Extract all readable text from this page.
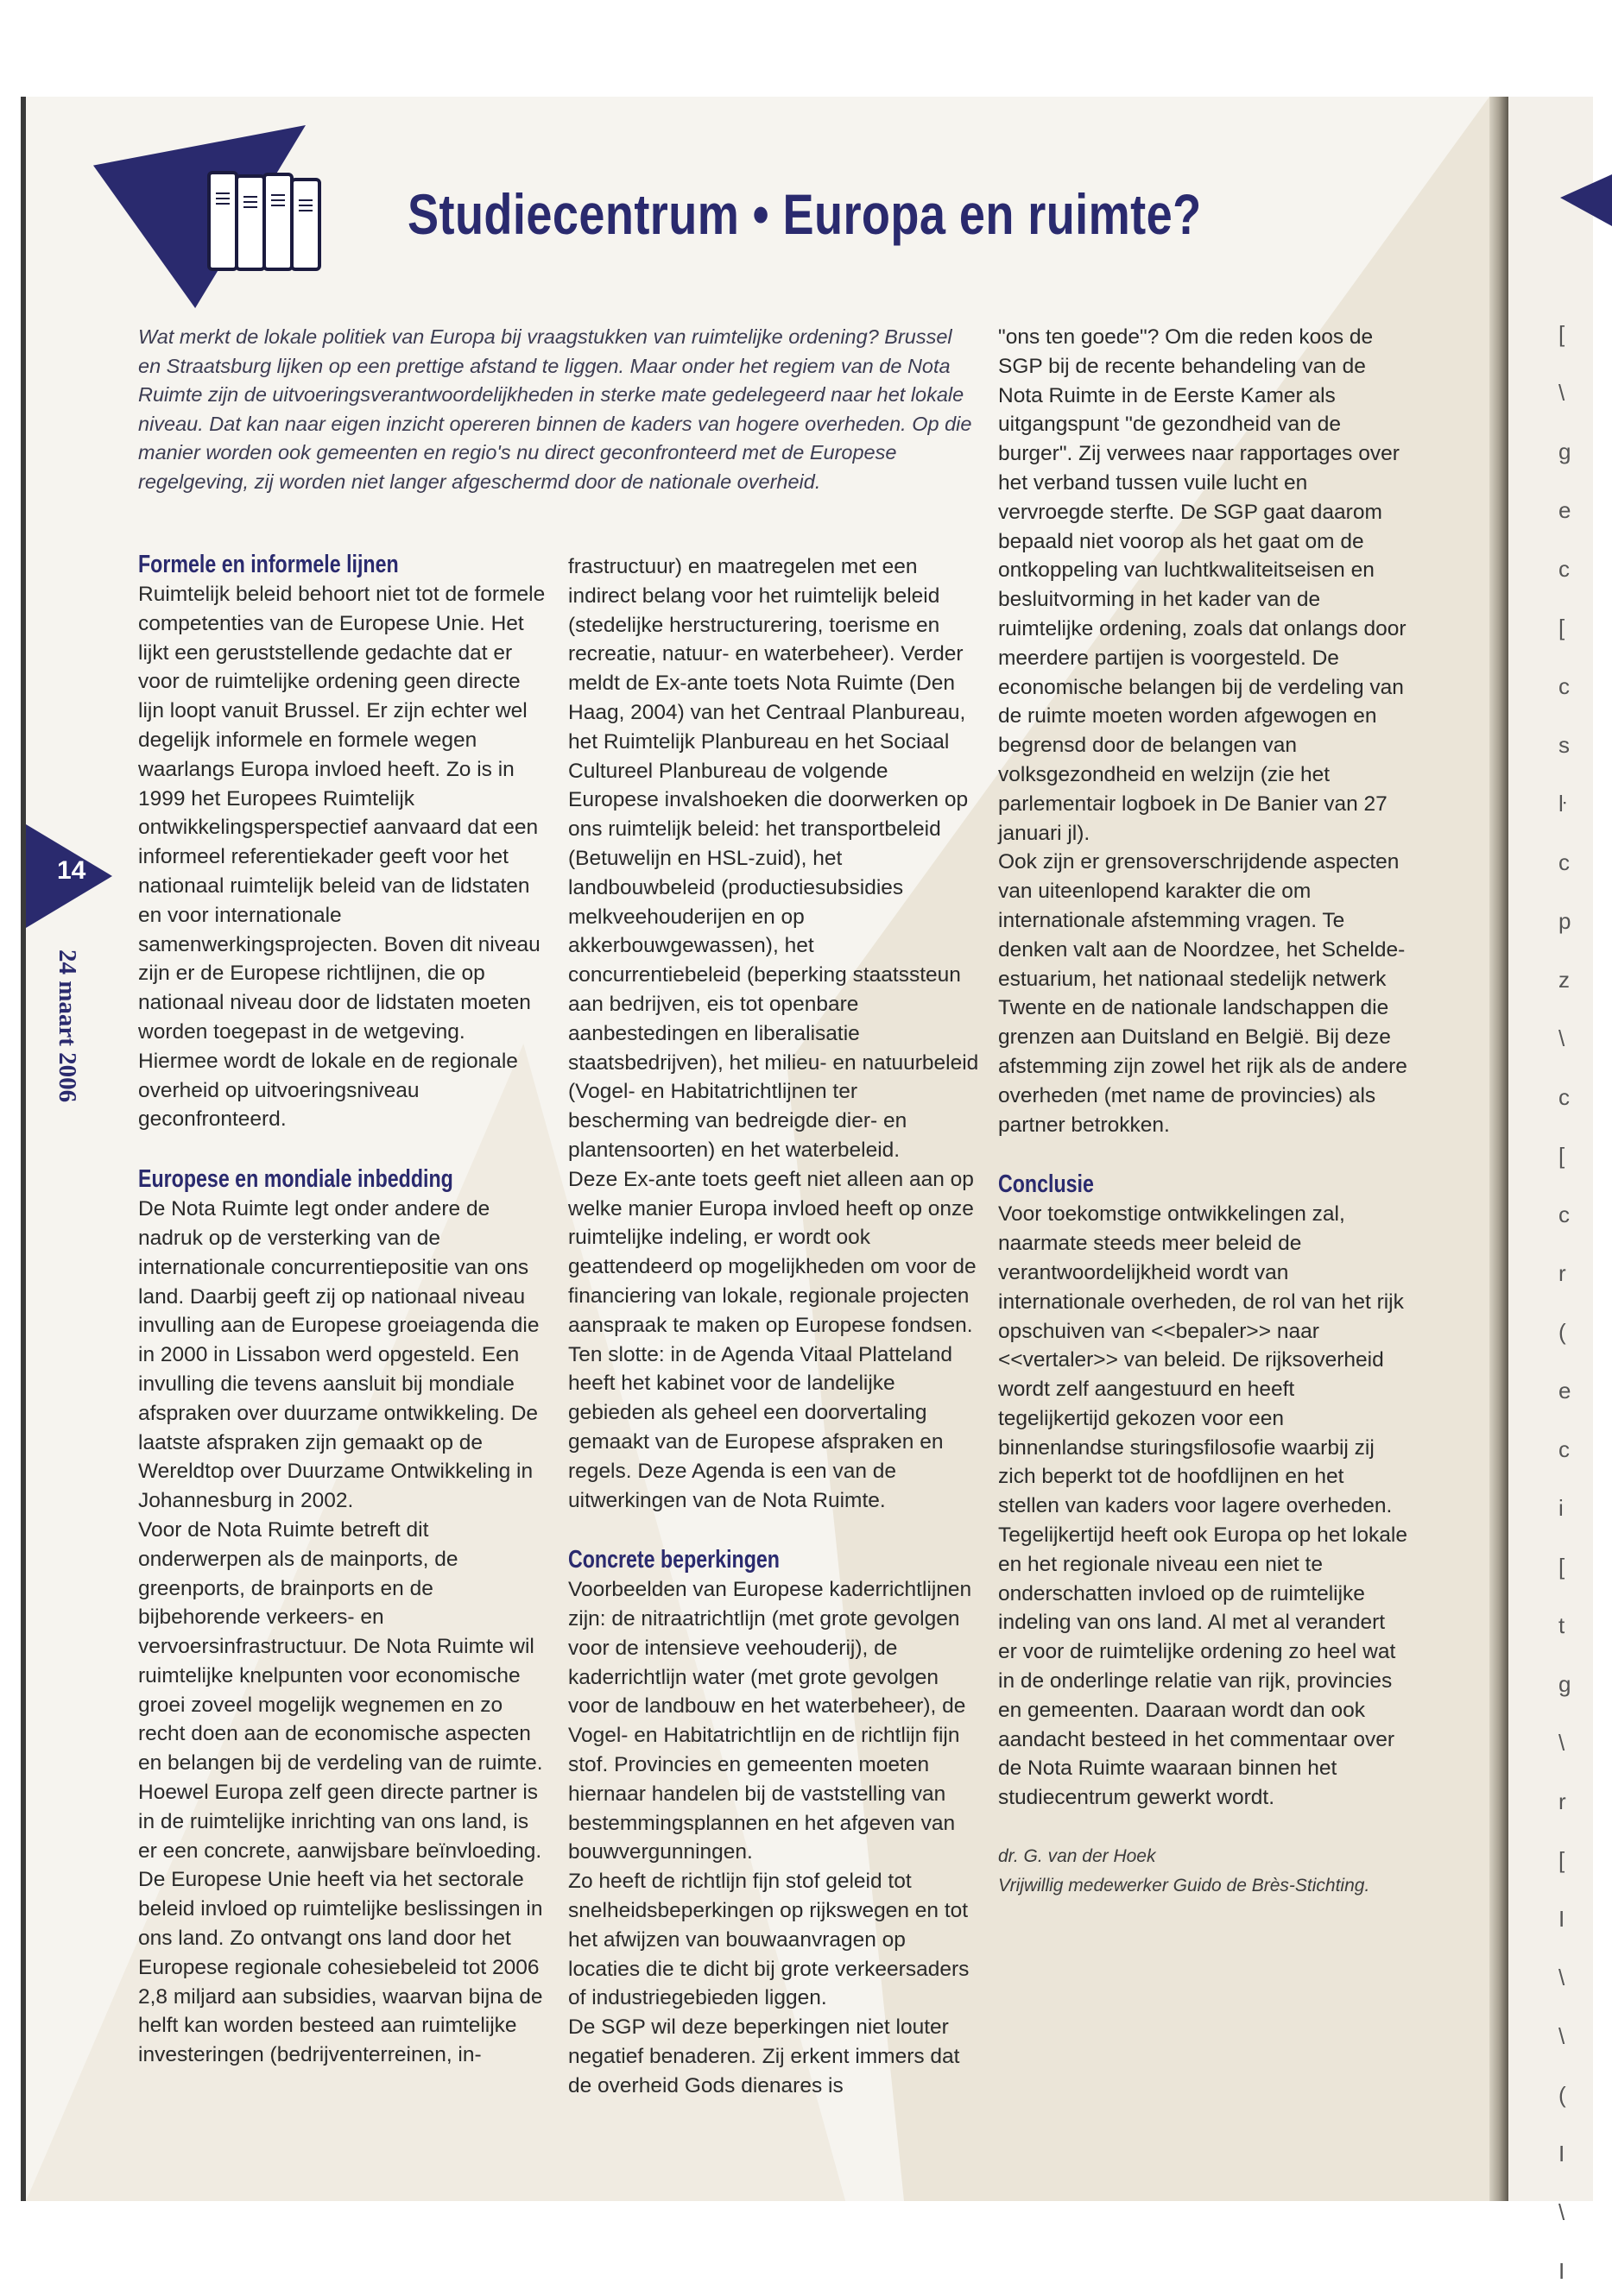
[
\
g
e
c
[
c
s
ŀ
c
p
z
\
c
[
c
r
(
e
c
i
[
t
g
\
r
[
I
\
\
(
I
\
I
Studiecentrum • Europa en ruimte?

Wat merkt de lokale politiek van Europa bij vraagstukken van ruimtelijke ordening? Brussel en Straatsburg lijken op een prettige afstand te liggen. Maar onder het regiem van de Nota Ruimte zijn de uitvoeringsverantwoordelijkheden in sterke mate gedelegeerd naar het lokale niveau. Dat kan naar eigen inzicht opereren binnen de kaders van hogere overheden. Op die manier worden ook gemeenten en regio's nu direct geconfronteerd met de Europese regelgeving, zij worden niet langer afgeschermd door de nationale overheid.

14
24 maart 2006
Formele en informele lijnen

Ruimtelijk beleid behoort niet tot de formele competenties van de Europese Unie. Het lijkt een geruststellende gedachte dat er voor de ruimtelijke ordening geen directe lijn loopt vanuit Brussel. Er zijn echter wel degelijk informele en formele wegen waarlangs Europa invloed heeft. Zo is in 1999 het Europees Ruimtelijk ontwikkelingsperspectief aanvaard dat een informeel referentiekader geeft voor het nationaal ruimtelijk beleid van de lidstaten en voor internationale samenwerkingsprojecten. Boven dit niveau zijn er de Europese richtlijnen, die op nationaal niveau door de lidstaten moeten worden toegepast in de wetgeving. Hiermee wordt de lokale en de regionale overheid op uitvoeringsniveau geconfronteerd.

Europese en mondiale inbedding

De Nota Ruimte legt onder andere de nadruk op de versterking van de internationale concurrentiepositie van ons land. Daarbij geeft zij op nationaal niveau invulling aan de Europese groeiagenda die in 2000 in Lissabon werd opgesteld. Een invulling die tevens aansluit bij mondiale afspraken over duurzame ontwikkeling. De laatste afspraken zijn gemaakt op de Wereldtop over Duurzame Ontwikkeling in Johannesburg in 2002.

Voor de Nota Ruimte betreft dit onderwerpen als de mainports, de greenports, de brainports en de bijbehorende verkeers- en vervoersinfrastructuur. De Nota Ruimte wil ruimtelijke knelpunten voor economische groei zoveel mogelijk wegnemen en zo recht doen aan de economische aspecten en belangen bij de verdeling van de ruimte.

Hoewel Europa zelf geen directe partner is in de ruimtelijke inrichting van ons land, is er een concrete, aanwijsbare beïnvloeding. De Europese Unie heeft via het sectorale beleid invloed op ruimtelijke beslissingen in ons land. Zo ontvangt ons land door het Europese regionale cohesiebeleid tot 2006 2,8 miljard aan subsidies, waarvan bijna de helft kan worden besteed aan ruimtelijke investeringen (bedrijventerreinen, in-

frastructuur) en maatregelen met een indirect belang voor het ruimtelijk beleid (stedelijke herstructurering, toerisme en recreatie, natuur- en waterbeheer). Verder meldt de Ex-ante toets Nota Ruimte (Den Haag, 2004) van het Centraal Planbureau, het Ruimtelijk Planbureau en het Sociaal Cultureel Planbureau de volgende Europese invalshoeken die doorwerken op ons ruimtelijk beleid: het transportbeleid (Betuwelijn en HSL-zuid), het landbouwbeleid (productiesubsidies melkveehouderijen en op akkerbouwgewassen), het concurrentiebeleid (beperking staatssteun aan bedrijven, eis tot openbare aanbestedingen en liberalisatie staatsbedrijven), het milieu- en natuurbeleid (Vogel- en Habitatrichtlijnen ter bescherming van bedreigde dier- en plantensoorten) en het waterbeleid.

Deze Ex-ante toets geeft niet alleen aan op welke manier Europa invloed heeft op onze ruimtelijke indeling, er wordt ook geattendeerd op mogelijkheden om voor de financiering van lokale, regionale projecten aanspraak te maken op Europese fondsen.

Ten slotte: in de Agenda Vitaal Platteland heeft het kabinet voor de landelijke gebieden als geheel een doorvertaling gemaakt van de Europese afspraken en regels. Deze Agenda is een van de uitwerkingen van de Nota Ruimte.

Concrete beperkingen

Voorbeelden van Europese kaderrichtlijnen zijn: de nitraatrichtlijn (met grote gevolgen voor de intensieve veehouderij), de kaderrichtlijn water (met grote gevolgen voor de landbouw en het waterbeheer), de Vogel- en Habitatrichtlijn en de richtlijn fijn stof. Provincies en gemeenten moeten hiernaar handelen bij de vaststelling van bestemmingsplannen en het afgeven van bouwvergunningen.

Zo heeft de richtlijn fijn stof geleid tot snelheidsbeperkingen op rijkswegen en tot het afwijzen van bouwaanvragen op locaties die te dicht bij grote verkeersaders of industriegebieden liggen.

De SGP wil deze beperkingen niet louter negatief benaderen. Zij erkent immers dat de overheid Gods dienares is

"ons ten goede"? Om die reden koos de SGP bij de recente behandeling van de Nota Ruimte in de Eerste Kamer als uitgangspunt "de gezondheid van de burger". Zij verwees naar rapportages over het verband tussen vuile lucht en vervroegde sterfte. De SGP gaat daarom bepaald niet voorop als het gaat om de ontkoppeling van luchtkwaliteitseisen en besluitvorming in het kader van de ruimtelijke ordening, zoals dat onlangs door meerdere partijen is voorgesteld. De economische belangen bij de verdeling van de ruimte moeten worden afgewogen en begrensd door de belangen van volksgezondheid en welzijn (zie het parlementair logboek in De Banier van 27 januari jl).

Ook zijn er grensoverschrijdende aspecten van uiteenlopend karakter die om internationale afstemming vragen. Te denken valt aan de Noordzee, het Schelde-estuarium, het nationaal stedelijk netwerk Twente en de nationale landschappen die grenzen aan Duitsland en België. Bij deze afstemming zijn zowel het rijk als de andere overheden (met name de provincies) als partner betrokken.

Conclusie

Voor toekomstige ontwikkelingen zal, naarmate steeds meer beleid de verantwoordelijkheid wordt van internationale overheden, de rol van het rijk opschuiven van <<bepaler>> naar <<vertaler>> van beleid. De rijksoverheid wordt zelf aangestuurd en heeft tegelijkertijd gekozen voor een binnenlandse sturingsfilosofie waarbij zij zich beperkt tot de hoofdlijnen en het stellen van kaders voor lagere overheden. Tegelijkertijd heeft ook Europa op het lokale en het regionale niveau een niet te onderschatten invloed op de ruimtelijke indeling van ons land. Al met al verandert er voor de ruimtelijke ordening zo heel wat in de onderlinge relatie van rijk, provincies en gemeenten. Daaraan wordt dan ook aandacht besteed in het commentaar over de Nota Ruimte waaraan binnen het studiecentrum gewerkt wordt.

dr. G. van der Hoek

Vrijwillig medewerker Guido de Brès-Stichting.
